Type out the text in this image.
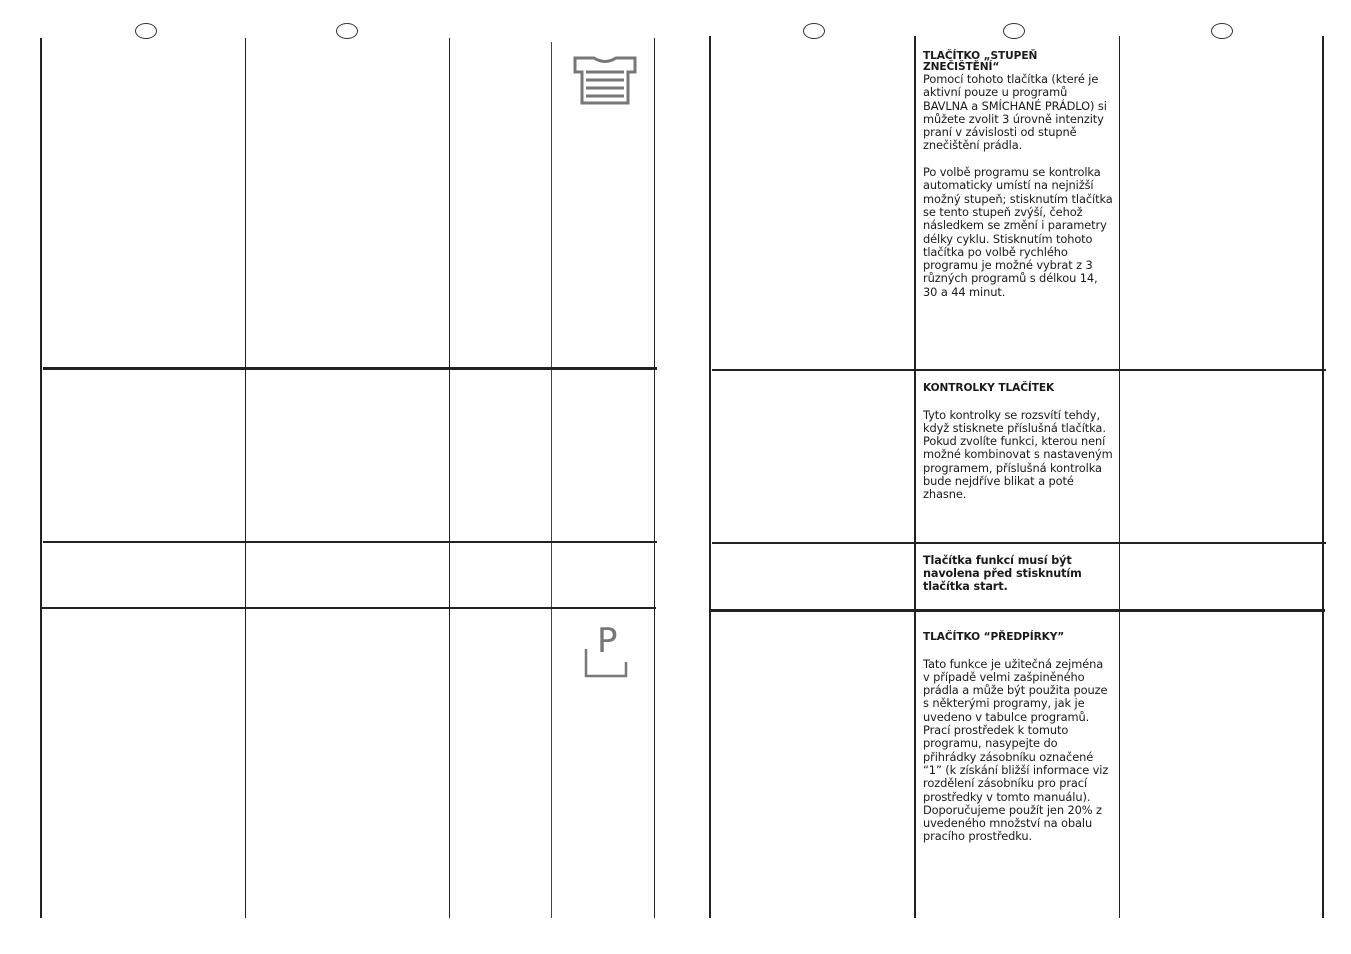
P
TLAČÍTKO „STUPEŇ ZNEČIŠTĚNÍ“

Pomocí tohoto tlačítka (které je aktivní pouze u programů BAVLNA a SMÍCHANÉ PRÁDLO) si můžete zvolit 3 úrovně intenzity praní v závislosti od stupně znečištění prádla.

Po volbě programu se kontrolka automaticky umístí na nejnižší možný stupeň; stisknutím tlačítka se tento stupeň zvýší, čehož následkem se změní i parametry délky cyklu. Stisknutím tohoto tlačítka po volbě rychlého programu je možné vybrat z 3 různých programů s délkou 14, 30 a 44 minut.

KONTROLKY TLAČÍTEK

Tyto kontrolky se rozsvítí tehdy, když stisknete příslušná tlačítka.
Pokud zvolíte funkci, kterou není možné kombinovat s nastaveným programem, příslušná kontrolka bude nejdříve blikat a poté zhasne.
Tlačítka funkcí musí být navolena před stisknutím tlačítka start.

TLAČÍTKO “PŘEDPÍRKY”

Tato funkce je užitečná zejména v případě velmi zašpiněného prádla a může být použita pouze s některými programy, jak je uvedeno v tabulce programů.
Prací prostředek k tomuto programu, nasypejte do přihrádky zásobníku označené “1” (k získání bližší informace viz rozdělení zásobníku pro prací prostředky v tomto manuálu).
Doporučujeme použít jen 20% z uvedeného množství na obalu pracího prostředku.
